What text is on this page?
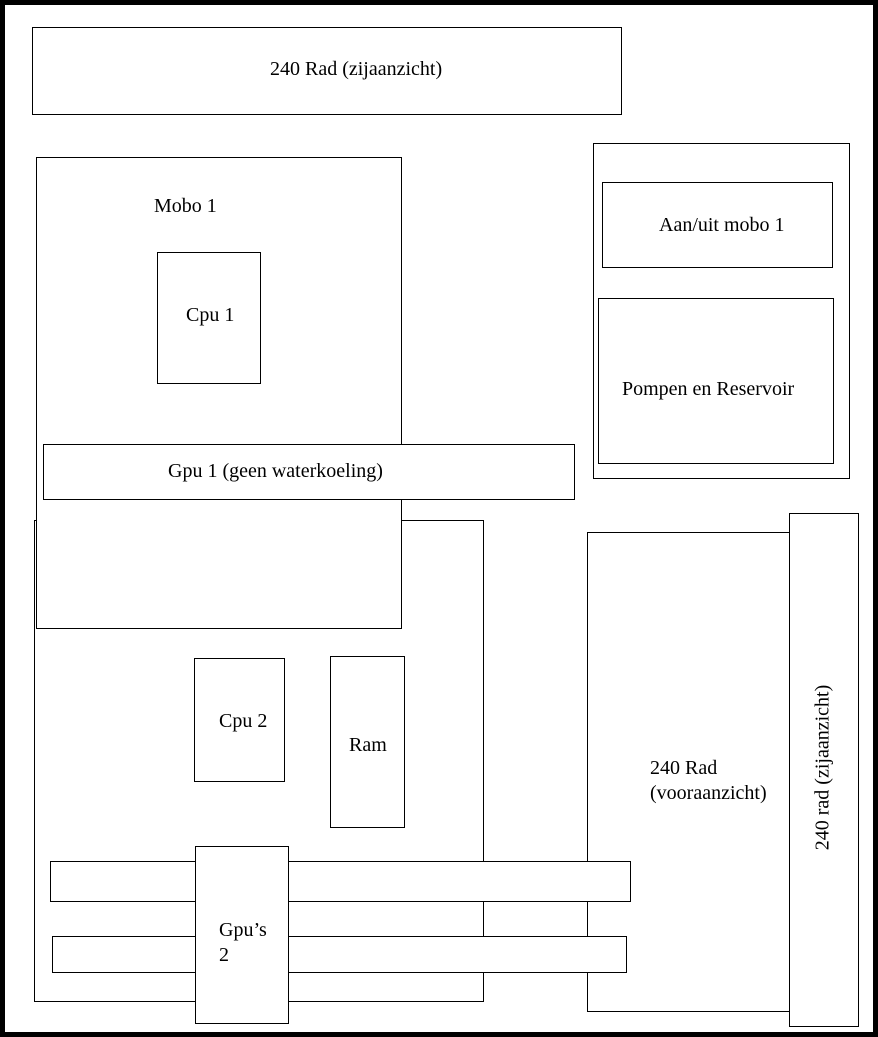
240 Rad (zijaanzicht)
Mobo 1
Cpu 1
Gpu 1 (geen waterkoeling)
Aan/uit mobo 1
Pompen en Reservoir
Cpu 2
Ram
240 Rad
(vooraanzicht)
Gpu’s
2
240 rad (zijaanzicht)
